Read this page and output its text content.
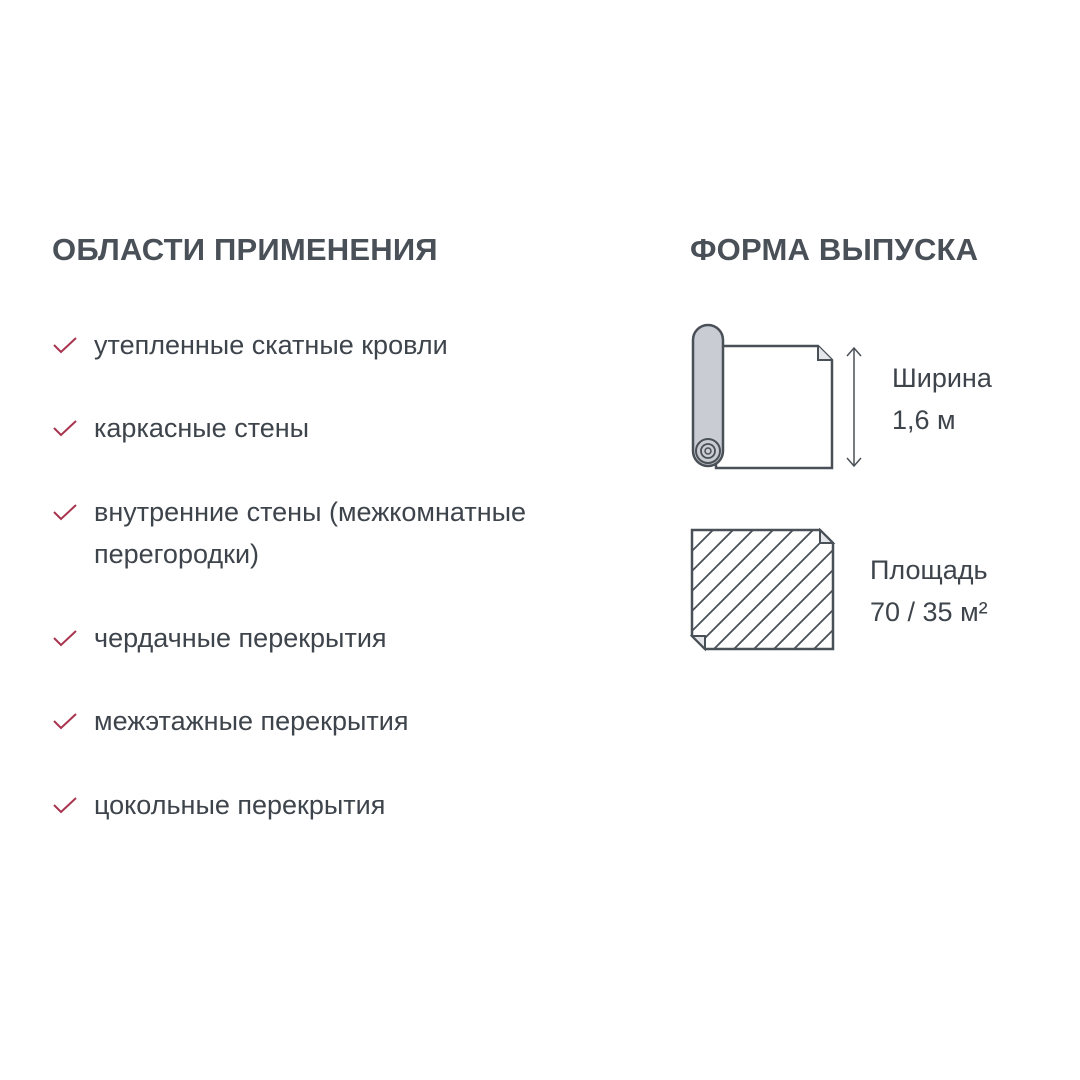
ОБЛАСТИ ПРИМЕНЕНИЯ
утепленные скатные кровли
каркасные стены
внутренние стены (межкомнатные перегородки)
чердачные перекрытия
межэтажные перекрытия
цокольные перекрытия
ФОРМА ВЫПУСКА
Ширина
1,6 м
Площадь
70 / 35 м²
